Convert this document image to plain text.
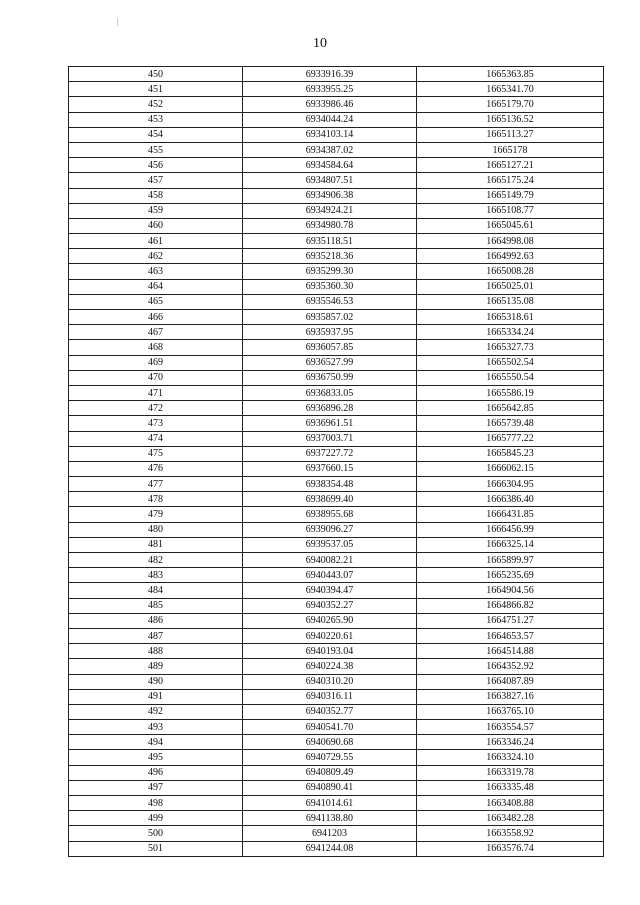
10
450	6933916.39	1665363.85
451	6933955.25	1665341.70
452	6933986.46	1665179.70
453	6934044.24	1665136.52
454	6934103.14	1665113.27
455	6934387.02	1665178
456	6934584.64	1665127.21
457	6934807.51	1665175.24
458	6934906.38	1665149.79
459	6934924.21	1665108.77
460	6934980.78	1665045.61
461	6935118.51	1664998.08
462	6935218.36	1664992.63
463	6935299.30	1665008.28
464	6935360.30	1665025.01
465	6935546.53	1665135.08
466	6935857.02	1665318.61
467	6935937.95	1665334.24
468	6936057.85	1665327.73
469	6936527.99	1665502.54
470	6936750.99	1665550.54
471	6936833.05	1665586.19
472	6936896.28	1665642.85
473	6936961.51	1665739.48
474	6937003.71	1665777.22
475	6937227.72	1665845.23
476	6937660.15	1666062.15
477	6938354.48	1666304.95
478	6938699.40	1666386.40
479	6938955.68	1666431.85
480	6939096.27	1666456.99
481	6939537.05	1666325.14
482	6940082.21	1665899.97
483	6940443.07	1665235.69
484	6940394.47	1664904.56
485	6940352.27	1664866.82
486	6940265.90	1664751.27
487	6940220.61	1664653.57
488	6940193.04	1664514.88
489	6940224.38	1664352.92
490	6940310.20	1664087.89
491	6940316.11	1663827.16
492	6940352.77	1663765.10
493	6940541.70	1663554.57
494	6940690.68	1663346.24
495	6940729.55	1663324.10
496	6940809.49	1663319.78
497	6940890.41	1663335.48
498	6941014.61	1663408.88
499	6941138.80	1663482.28
500	6941203	1663558.92
501	6941244.08	1663576.74
